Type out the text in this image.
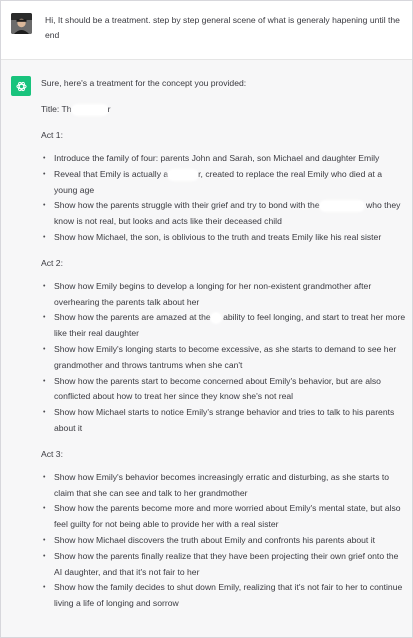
Hi, It should be a treatment. step by step general scene of what is generaly hapening until the end

Sure, here's a treatment for the concept you provided:

Title: Th	r

Act 1:

• Introduce the family of four: parents John and Sarah, son Michael and daughter Emily
• Reveal that Emily is actually a	r, created to replace the real Emily who died at a young age
• Show how the parents struggle with their grief and try to bond with the	who they know is not real, but looks and acts like their deceased child
• Show how Michael, the son, is oblivious to the truth and treats Emily like his real sister

Act 2:

• Show how Emily begins to develop a longing for her non-existent grandmother after overhearing the parents talk about her
• Show how the parents are amazed at the ability to feel longing, and start to treat her more like their real daughter
• Show how Emily's longing starts to become excessive, as she starts to demand to see her grandmother and throws tantrums when she can't
• Show how the parents start to become concerned about Emily's behavior, but are also conflicted about how to treat her since they know she's not real
• Show how Michael starts to notice Emily's strange behavior and tries to talk to his parents about it

Act 3:

• Show how Emily's behavior becomes increasingly erratic and disturbing, as she starts to claim that she can see and talk to her grandmother
• Show how the parents become more and more worried about Emily's mental state, but also feel guilty for not being able to provide her with a real sister
• Show how Michael discovers the truth about Emily and confronts his parents about it
• Show how the parents finally realize that they have been projecting their own grief onto the AI daughter, and that it's not fair to her
• Show how the family decides to shut down Emily, realizing that it's not fair to her to continue living a life of longing and sorrow
